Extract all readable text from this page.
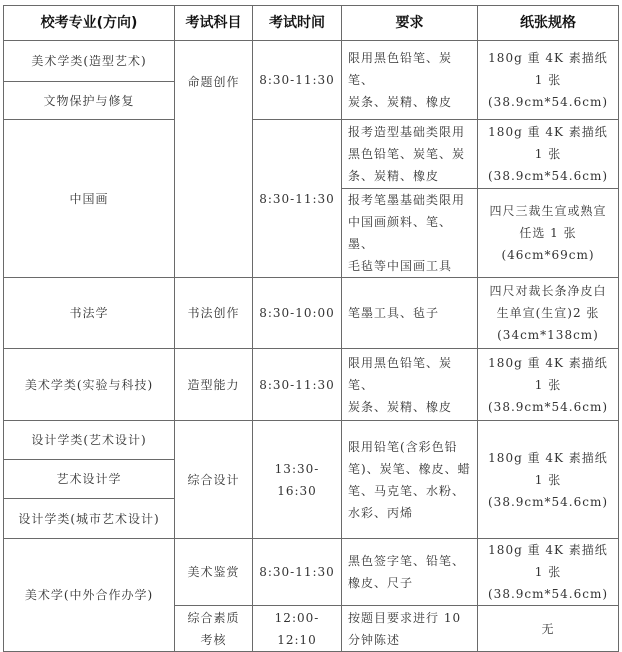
校考专业(方向)	考试科目	考试时间	要求	纸张规格
美术学类(造型艺术)	命题创作	8:30-11:30	限用黑色铅笔、炭笔、
炭条、炭精、橡皮	180g 重 4K 素描纸 1 张
(38.9cm*54.6cm)

文物保护与修复				
中国画		8:30-11:30	报考造型基础类限用
黑色铅笔、炭笔、炭
条、炭精、橡皮	180g 重 4K 素描纸 1 张
(38.9cm*54.6cm)

			报考笔墨基础类限用
中国画颜料、笔、墨、
毛毡等中国画工具	四尺三裁生宣或熟宣
任选 1 张
(46cm*69cm)

书法学	书法创作	8:30-10:00	笔墨工具、毡子	四尺对裁长条净皮白
生单宣(生宣)2 张
(34cm*138cm)

美术学类(实验与科技)	造型能力	8:30-11:30	限用黑色铅笔、炭笔、
炭条、炭精、橡皮	180g 重 4K 素描纸 1 张
(38.9cm*54.6cm)

设计学类(艺术设计)	综合设计	13:30-16:30	限用铅笔(含彩色铅
笔)、炭笔、橡皮、蜡
笔、马克笔、水粉、
水彩、丙烯	180g 重 4K 素描纸 1 张
(38.9cm*54.6cm)

艺术设计学				
设计学类(城市艺术设计)				
美术学(中外合作办学)	美术鉴赏	8:30-11:30	黑色签字笔、铅笔、
橡皮、尺子	180g 重 4K 素描纸 1 张
(38.9cm*54.6cm)

	综合素质
考核	12:00-12:10	按题目要求进行 10
分钟陈述	无
